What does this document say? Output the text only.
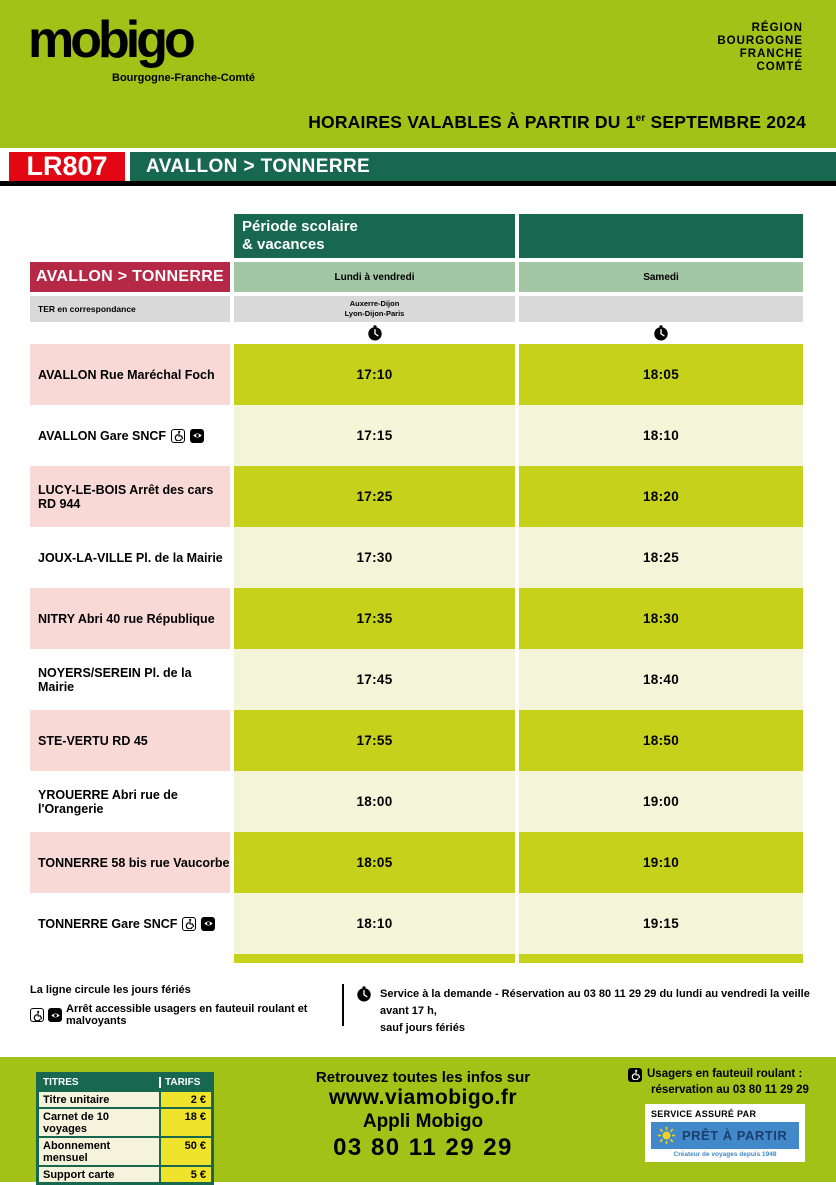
mobigo
Bourgogne-Franche-Comté
RÉGION
BOURGOGNE
FRANCHE
COMTÉ
HORAIRES VALABLES À PARTIR DU 1er SEPTEMBRE 2024
LR807	AVALLON > TONNERRE
Période scolaire
& vacances
AVALLON > TONNERRE	Lundi à vendredi	Samedi
TER en correspondance
Auxerre-Dijon
Lyon-Dijon-Paris
AVALLON Rue Maréchal Foch	17:10	18:05
AVALLON Gare SNCF	17:15	18:10
LUCY-LE-BOIS Arrêt des cars RD 944	17:25	18:20
JOUX-LA-VILLE Pl. de la Mairie	17:30	18:25
NITRY Abri 40 rue République	17:35	18:30
NOYERS/SEREIN Pl. de la Mairie	17:45	18:40
STE-VERTU RD 45	17:55	18:50
YROUERRE Abri rue de l'Orangerie	18:00	19:00
TONNERRE 58 bis rue Vaucorbe	18:05	19:10
TONNERRE Gare SNCF	18:10	19:15
La ligne circule les jours fériés
Arrêt accessible usagers en fauteuil roulant et malvoyants
Service à la demande - Réservation au 03 80 11 29 29 du lundi au vendredi la veille avant 17 h,
sauf jours fériés
TITRES	TARIFS
Titre unitaire	2 €
Carnet de 10 voyages
18 €
Abonnement mensuel
50 €
Support carte	5 €
Retrouvez toutes les infos sur
www.viamobigo.fr
Appli Mobigo
03 80 11 29 29
Usagers en fauteuil roulant :
réservation au 03 80 11 29 29
SERVICE ASSURÉ PAR
PRÊT À PARTIR
Créateur de voyages depuis 1948
